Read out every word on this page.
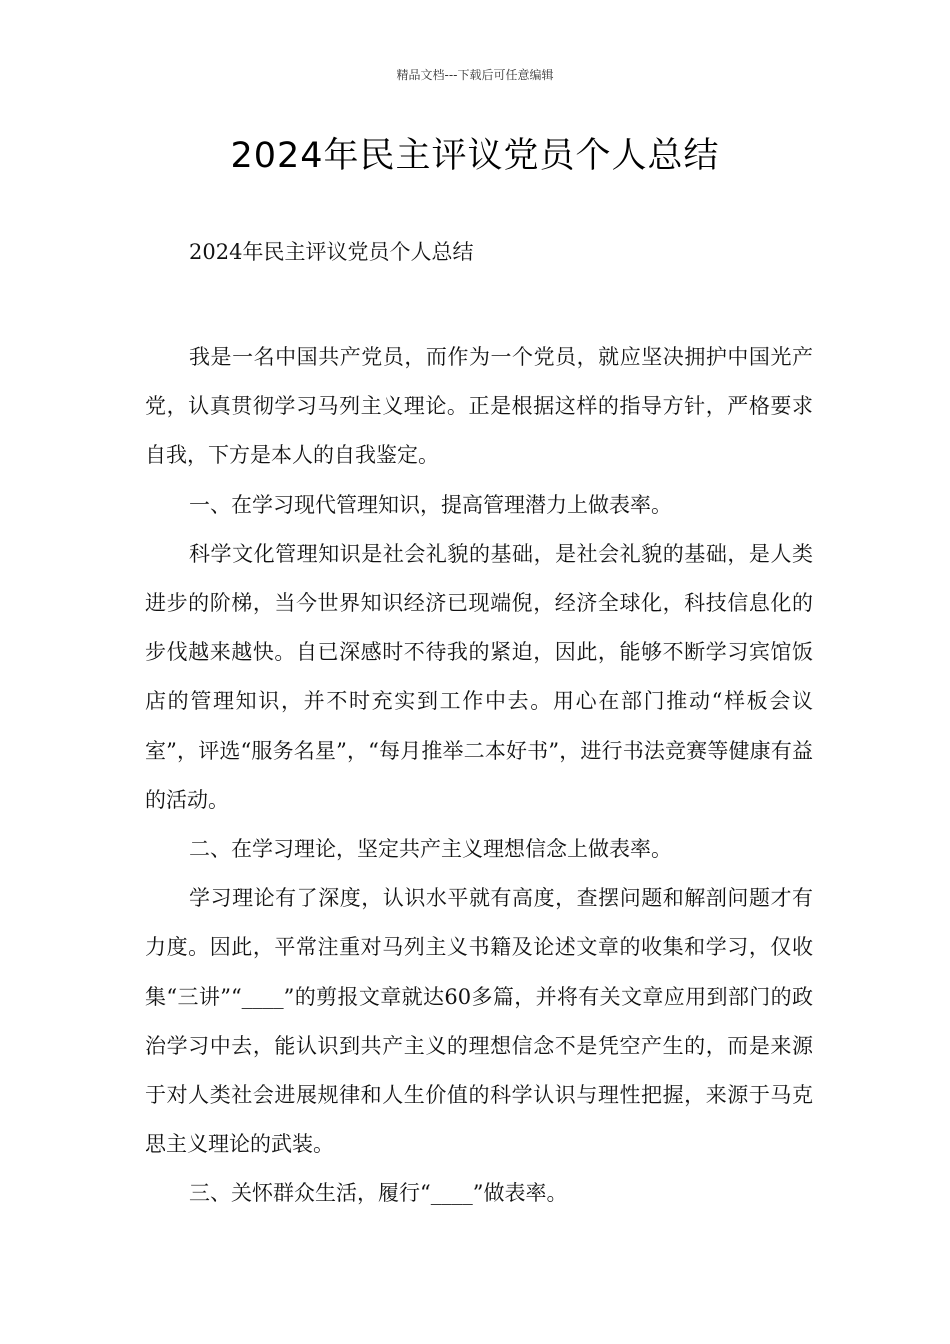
精品文档---下载后可任意编辑
2024年民主评议党员个人总结
2024年民主评议党员个人总结

我是一名中国共产党员，而作为一个党员，就应坚决拥护中国光产党，认真贯彻学习马列主义理论。正是根据这样的指导方针，严格要求自我，下方是本人的自我鉴定。

一、在学习现代管理知识，提高管理潜力上做表率。

科学文化管理知识是社会礼貌的基础，是社会礼貌的基础，是人类进步的阶梯，当今世界知识经济已现端倪，经济全球化，科技信息化的步伐越来越快。自已深感时不待我的紧迫，因此，能够不断学习宾馆饭店的管理知识，并不时充实到工作中去。用心在部门推动“样板会议室”，评选“服务名星”，“每月推举二本好书”，进行书法竞赛等健康有益的活动。

二、在学习理论，坚定共产主义理想信念上做表率。

学习理论有了深度，认识水平就有高度，查摆问题和解剖问题才有力度。因此，平常注重对马列主义书籍及论述文章的收集和学习，仅收集“三讲”“____”的剪报文章就达60多篇，并将有关文章应用到部门的政治学习中去，能认识到共产主义的理想信念不是凭空产生的，而是来源于对人类社会进展规律和人生价值的科学认识与理性把握，来源于马克思主义理论的武装。

三、关怀群众生活，履行“____”做表率。
